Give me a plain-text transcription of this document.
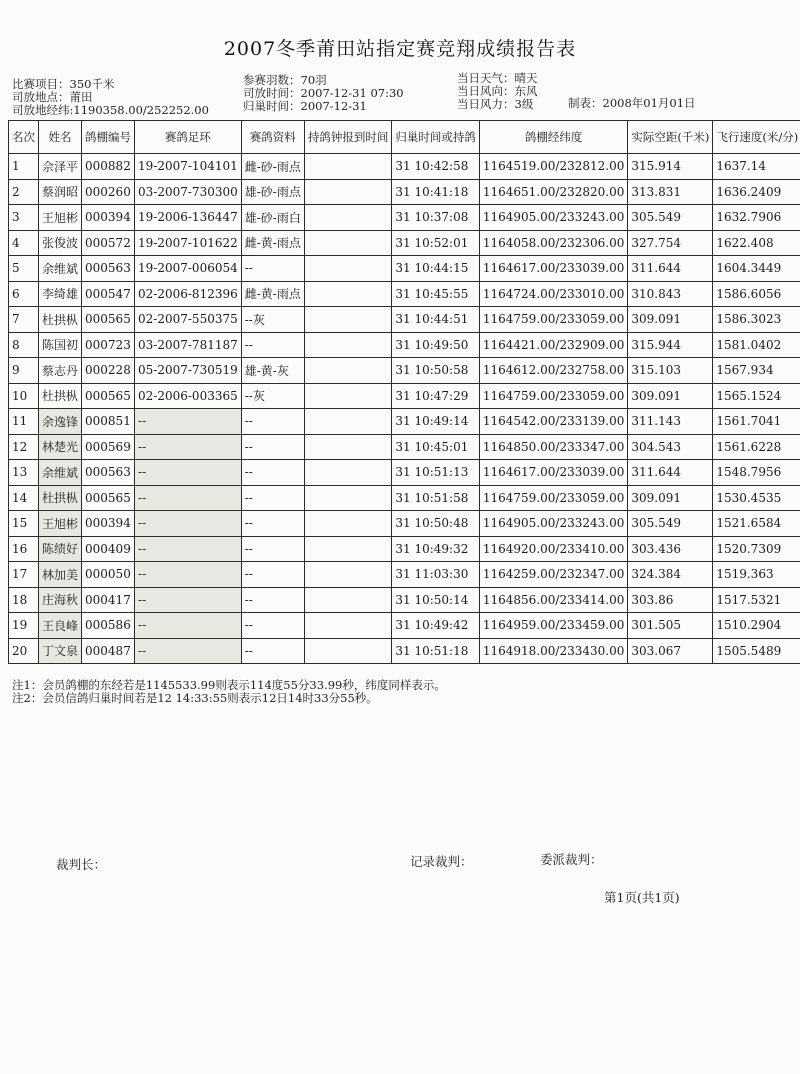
2007冬季莆田站指定赛竞翔成绩报告表
比赛项目：350千米
司放地点：莆田
司放地经纬:1190358.00/252252.00
参赛羽数：70羽
司放时间：2007-12-31 07:30
归巢时间：2007-12-31
当日天气：晴天
当日风向：东风
当日风力：3级	制表：2008年01月01日
名次	姓名	鸽棚编号	赛鸽足环	赛鸽资料	持鸽钟报到时间	归巢时间或持鸽	鸽棚经纬度	实际空距(千米)	飞行速度(米/分)
1	佘泽平	000882	19-2007-104101	雌-砂-雨点		31 10:42:58	1164519.00/232812.00	315.914	1637.14
2	蔡润昭	000260	03-2007-730300	雄-砂-雨点		31 10:41:18	1164651.00/232820.00	313.831	1636.2409
3	王旭彬	000394	19-2006-136447	雄-砂-雨白		31 10:37:08	1164905.00/233243.00	305.549	1632.7906
4	张俊波	000572	19-2007-101622	雌-黄-雨点		31 10:52:01	1164058.00/232306.00	327.754	1622.408
5	余维斌	000563	19-2007-006054	--		31 10:44:15	1164617.00/233039.00	311.644	1604.3449
6	李绮雄	000547	02-2006-812396	雌-黄-雨点		31 10:45:55	1164724.00/233010.00	310.843	1586.6056
7	杜拱枞	000565	02-2007-550375	--灰		31 10:44:51	1164759.00/233059.00	309.091	1586.3023
8	陈国初	000723	03-2007-781187	--		31 10:49:50	1164421.00/232909.00	315.944	1581.0402
9	蔡志丹	000228	05-2007-730519	雄-黄-灰		31 10:50:58	1164612.00/232758.00	315.103	1567.934
10	杜拱枞	000565	02-2006-003365	--灰		31 10:47:29	1164759.00/233059.00	309.091	1565.1524
11	余逸锋	000851	--	--		31 10:49:14	1164542.00/233139.00	311.143	1561.7041
12	林楚光	000569	--	--		31 10:45:01	1164850.00/233347.00	304.543	1561.6228
13	余维斌	000563	--	--		31 10:51:13	1164617.00/233039.00	311.644	1548.7956
14	杜拱枞	000565	--	--		31 10:51:58	1164759.00/233059.00	309.091	1530.4535
15	王旭彬	000394	--	--		31 10:50:48	1164905.00/233243.00	305.549	1521.6584
16	陈绩好	000409	--	--		31 10:49:32	1164920.00/233410.00	303.436	1520.7309
17	林加美	000050	--	--		31 11:03:30	1164259.00/232347.00	324.384	1519.363
18	庄海秋	000417	--	--		31 10:50:14	1164856.00/233414.00	303.86	1517.5321
19	王良峰	000586	--	--		31 10:49:42	1164959.00/233459.00	301.505	1510.2904
20	丁文泉	000487	--	--		31 10:51:18	1164918.00/233430.00	303.067	1505.5489
注1：会员鸽棚的东经若是1145533.99则表示114度55分33.99秒，纬度同样表示。
注2：会员信鸽归巢时间若是12 14:33:55则表示12日14时33分55秒。
裁判长：	记录裁判：	委派裁判：
第1页(共1页)
